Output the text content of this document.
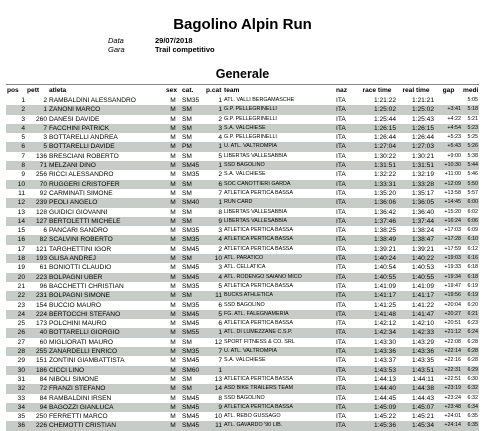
Bagolino Alpin Run
Data	29/07/2018
Gara	Trail competitivo
Generale
pos	pett	atleta	sex	cat.	p.cat	team	naz	race time	real time	gap	medi
1	2	RAMBALDINI ALESSANDRO	M	SM35	1	ATL. VALLI BERGAMASCHE	ITA	1:21:22	1:21:21		5:05
2	1	ZANONI MARCO	M	SM	1	G.P. PELLEGRINELLI	ITA	1:25:02	1:25:02	+3:41	5:18
3	260	DANESI DAVIDE	M	SM	2	G.P. PELLEGRINELLI	ITA	1:25:44	1:25:43	+4:22	5:21
4	7	FACCHINI PATRICK	M	SM	3	S.A. VALCHIESE	ITA	1:26:15	1:26:15	+4:54	5:23
5	3	BOTTARELLI ANDREA	M	SM	4	G.P. PELLEGRINELLI	ITA	1:26:44	1:26:44	+5:23	5:25
6	5	BOTTARELLI DAVIDE	M	PM	1	U. ATL. VALTROMPIA	ITA	1:27:04	1:27:03	+5:43	5:26
7	136	BRESCIANI ROBERTO	M	SM	5	LIBERTAS VALLESABBIA	ITA	1:30:22	1:30:21	+9:00	5:38
8	71	MELZANI DINO	M	SM45	1	SSD BAGOLINO	ITA	1:31:51	1:31:51	+10:30	5:44
9	256	RICCI ALESSANDRO	M	SM35	2	S.A. VALCHIESE	ITA	1:32:22	1:32:19	+11:00	5:46
10	70	RUGGERI CRISTOFER	M	SM	6	SOC CANOTTIERI GARDA	ITA	1:33:31	1:33:28	+12:09	5:50
11	92	CARMINATI SIMONE	M	SM	7	ATLETICA PERTICA BASSA	ITA	1:35:20	1:35:17	+13:58	5:57
12	239	PEOLI ANGELO	M	SM40	1	RUN CARD	ITA	1:36:06	1:36:05	+14:45	6:00
13	128	GUIDICI GIOVANNI	M	SM	8	LIBERTAS VALLESABBIA	ITA	1:36:42	1:36:40	+15:20	6:02
14	127	BERTOLETTI MICHELE	M	SM	9	LIBERTAS VALLESABBIA	ITA	1:37:46	1:37:44	+16:24	6:06
15	6	PANCARI SANDRO	M	SM35	3	ATLETICA PERTICA BASSA	ITA	1:38:25	1:38:24	+17:03	6:09
16	82	SCALVINI ROBERTO	M	SM35	4	ATLETICA PERTICA BASSA	ITA	1:38:49	1:38:47	+17:28	6:10
17	121	TARGHETTINI IGOR	M	SM45	2	ATLETICA PERTICA BASSA	ITA	1:39:21	1:39:21	+17:59	6:12
18	193	GLISA ANDREJ	M	SM	10	ATL. PARATICO	ITA	1:40:24	1:40:22	+19:03	6:16
19	61	BONIOTTI CLAUDIO	M	SM45	3	ATL. CELLATICA	ITA	1:40:54	1:40:53	+19:33	6:18
20	223	BOLPAGNI UBER	M	SM45	4	ATL. RODENGO SAIANO MICO	ITA	1:40:55	1:40:55	+19:34	6:18
21	96	BACCHETTI CHRISTIAN	M	SM35	5	ATLETICA PERTICA BASSA	ITA	1:41:09	1:41:09	+19:47	6:19
22	231	BOLPAGNI SIMONE	M	SM	11	BUCKS ATHLETICA	ITA	1:41:17	1:41:17	+19:56	6:19
23	154	BUCCIO MAURO	M	SM35	6	SSD BAGOLINO	ITA	1:41:25	1:41:22	+20:04	6:20
24	224	BERTOCCHI STEFANO	M	SM45	5	FG. ATL. FALEGNAMERIA	ITA	1:41:48	1:41:47	+20:27	6:21
25	173	POLCHINI MAURO	M	SM45	6	ATLETICA PERTICA BASSA	ITA	1:42:12	1:42:10	+20:51	6:23
26	40	BOTTARELLI GIORGIO	M	SM55	1	ATL. DI LUMEZZANE C.S.P.	ITA	1:42:34	1:42:33	+21:12	6:24
27	60	MIGLIORATI MAURO	M	SM	12	SPORT FITNESS & CO. SRL	ITA	1:43:30	1:43:29	+22:08	6:28
28	255	ZANARDELLI ENRICO	M	SM35	7	U. ATL. VALTROMPIA	ITA	1:43:36	1:43:36	+22:14	6:28
29	151	ZONTINI GIAMBATTISTA	M	SM45	7	S.A. VALCHIESE	ITA	1:43:37	1:43:35	+22:16	6:28
30	186	CICCI LINO	M	SM60	1		ITA	1:43:53	1:43:51	+22:31	6:29
31	84	NIBOLI SIMONE	M	SM	13	ATLETICA PERTICA BASSA	ITA	1:44:13	1:44:11	+22:51	6:30
32	72	FRANZI STEFANO	M	SM	14	ASD BIKE TRAILERS TEAM	ITA	1:44:40	1:44:38	+23:19	6:32
33	84	RAMBALDINI IRSEN	M	SM45	8	SSD BAGOLINO	ITA	1:44:45	1:44:43	+23:24	6:32
34	94	BAGOZZI GIANLUCA	M	SM45	9	ATLETICA PERTICA BASSA	ITA	1:45:09	1:45:07	+23:48	6:34
35	250	FERRETTI MARCO	M	SM45	10	ATL. REBO GUSSAGO	ITA	1:45:22	1:45:21	+24:01	6:35
36	226	CHEMOTTI CRISTIAN	M	SM45	11	ATL. GAVARDO '90 LIB.	ITA	1:45:36	1:45:34	+24:14	6:35
